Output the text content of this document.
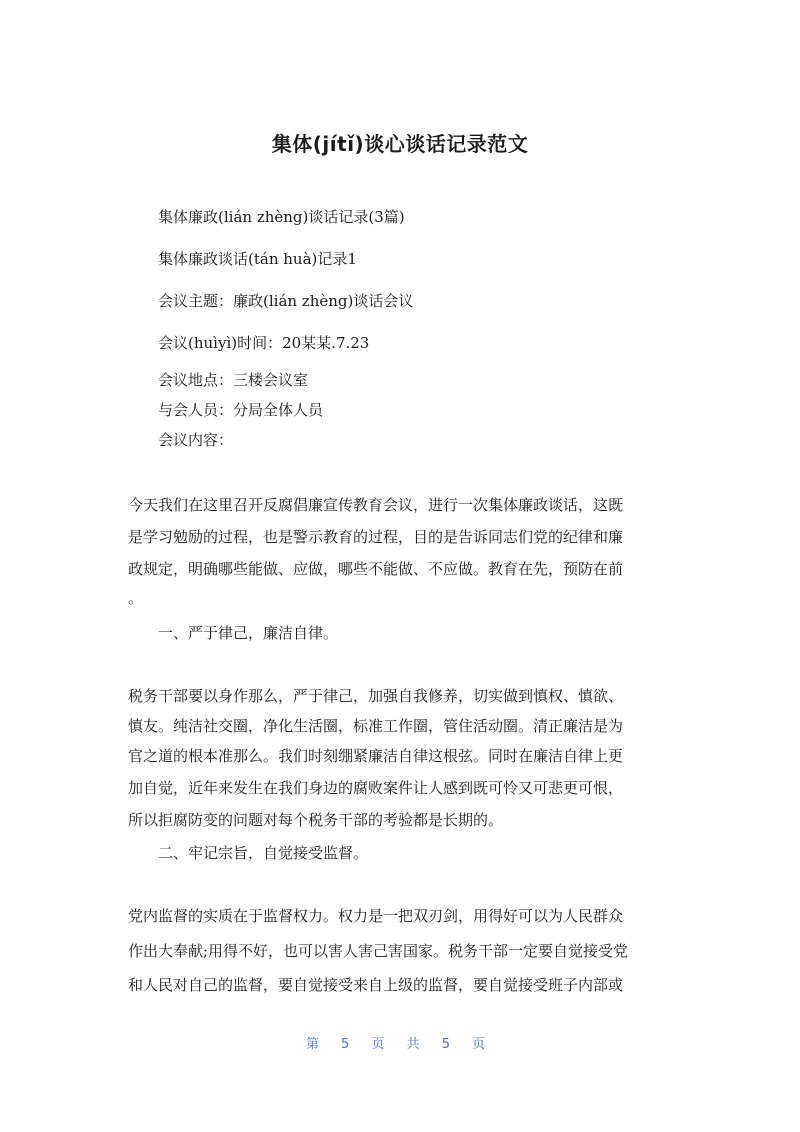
集体(jítǐ)谈心谈话记录范文
集体廉政(lián zhèng)谈话记录(3篇)
集体廉政谈话(tán huà)记录1
会议主题：廉政(lián zhèng)谈话会议
会议(huìyì)时间：20某某.7.23
会议地点：三楼会议室
与会人员：分局全体人员
会议内容：
今天我们在这里召开反腐倡廉宣传教育会议，进行一次集体廉政谈话，这既
是学习勉励的过程，也是警示教育的过程，目的是告诉同志们党的纪律和廉
政规定，明确哪些能做、应做，哪些不能做、不应做。教育在先，预防在前
。
一、严于律己，廉洁自律。
税务干部要以身作那么，严于律己，加强自我修养，切实做到慎权、慎欲、
慎友。纯洁社交圈，净化生活圈，标准工作圈，管住活动圈。清正廉洁是为
官之道的根本准那么。我们时刻绷紧廉洁自律这根弦。同时在廉洁自律上更
加自觉，近年来发生在我们身边的腐败案件让人感到既可怜又可悲更可恨，
所以拒腐防变的问题对每个税务干部的考验都是长期的。
二、牢记宗旨，自觉接受监督。
党内监督的实质在于监督权力。权力是一把双刃剑，用得好可以为人民群众
作出大奉献;用得不好，也可以害人害己害国家。税务干部一定要自觉接受党
和人民对自己的监督，要自觉接受来自上级的监督，要自觉接受班子内部或
第 5 页 共 5 页
